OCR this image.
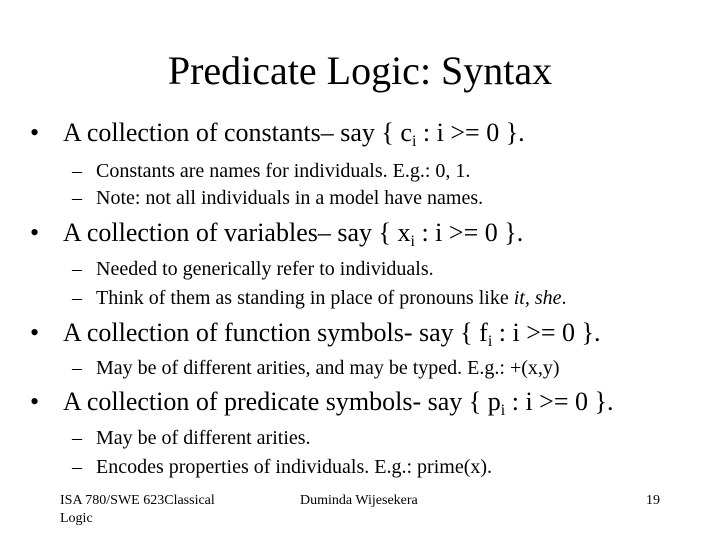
Predicate Logic: Syntax
• A collection of constants– say { $c_i$ : i >= 0 }.
– Constants are names for individuals. E.g.: 0, 1.
– Note: not all individuals in a model have names.
• A collection of variables– say { $x_i$ : i >= 0 }.
– Needed to generically refer to individuals.
– Think of them as standing in place of pronouns like it, she.
• A collection of function symbols- say { $f_i$ : i >= 0 }.
– May be of different arities, and may be typed. E.g.: +(x,y)
• A collection of predicate symbols- say { $p_i$ : i >= 0 }.
– May be of different arities.
– Encodes properties of individuals. E.g.: prime(x).
ISA 780/SWE 623Classical
Logic
Duminda Wijesekera	19
